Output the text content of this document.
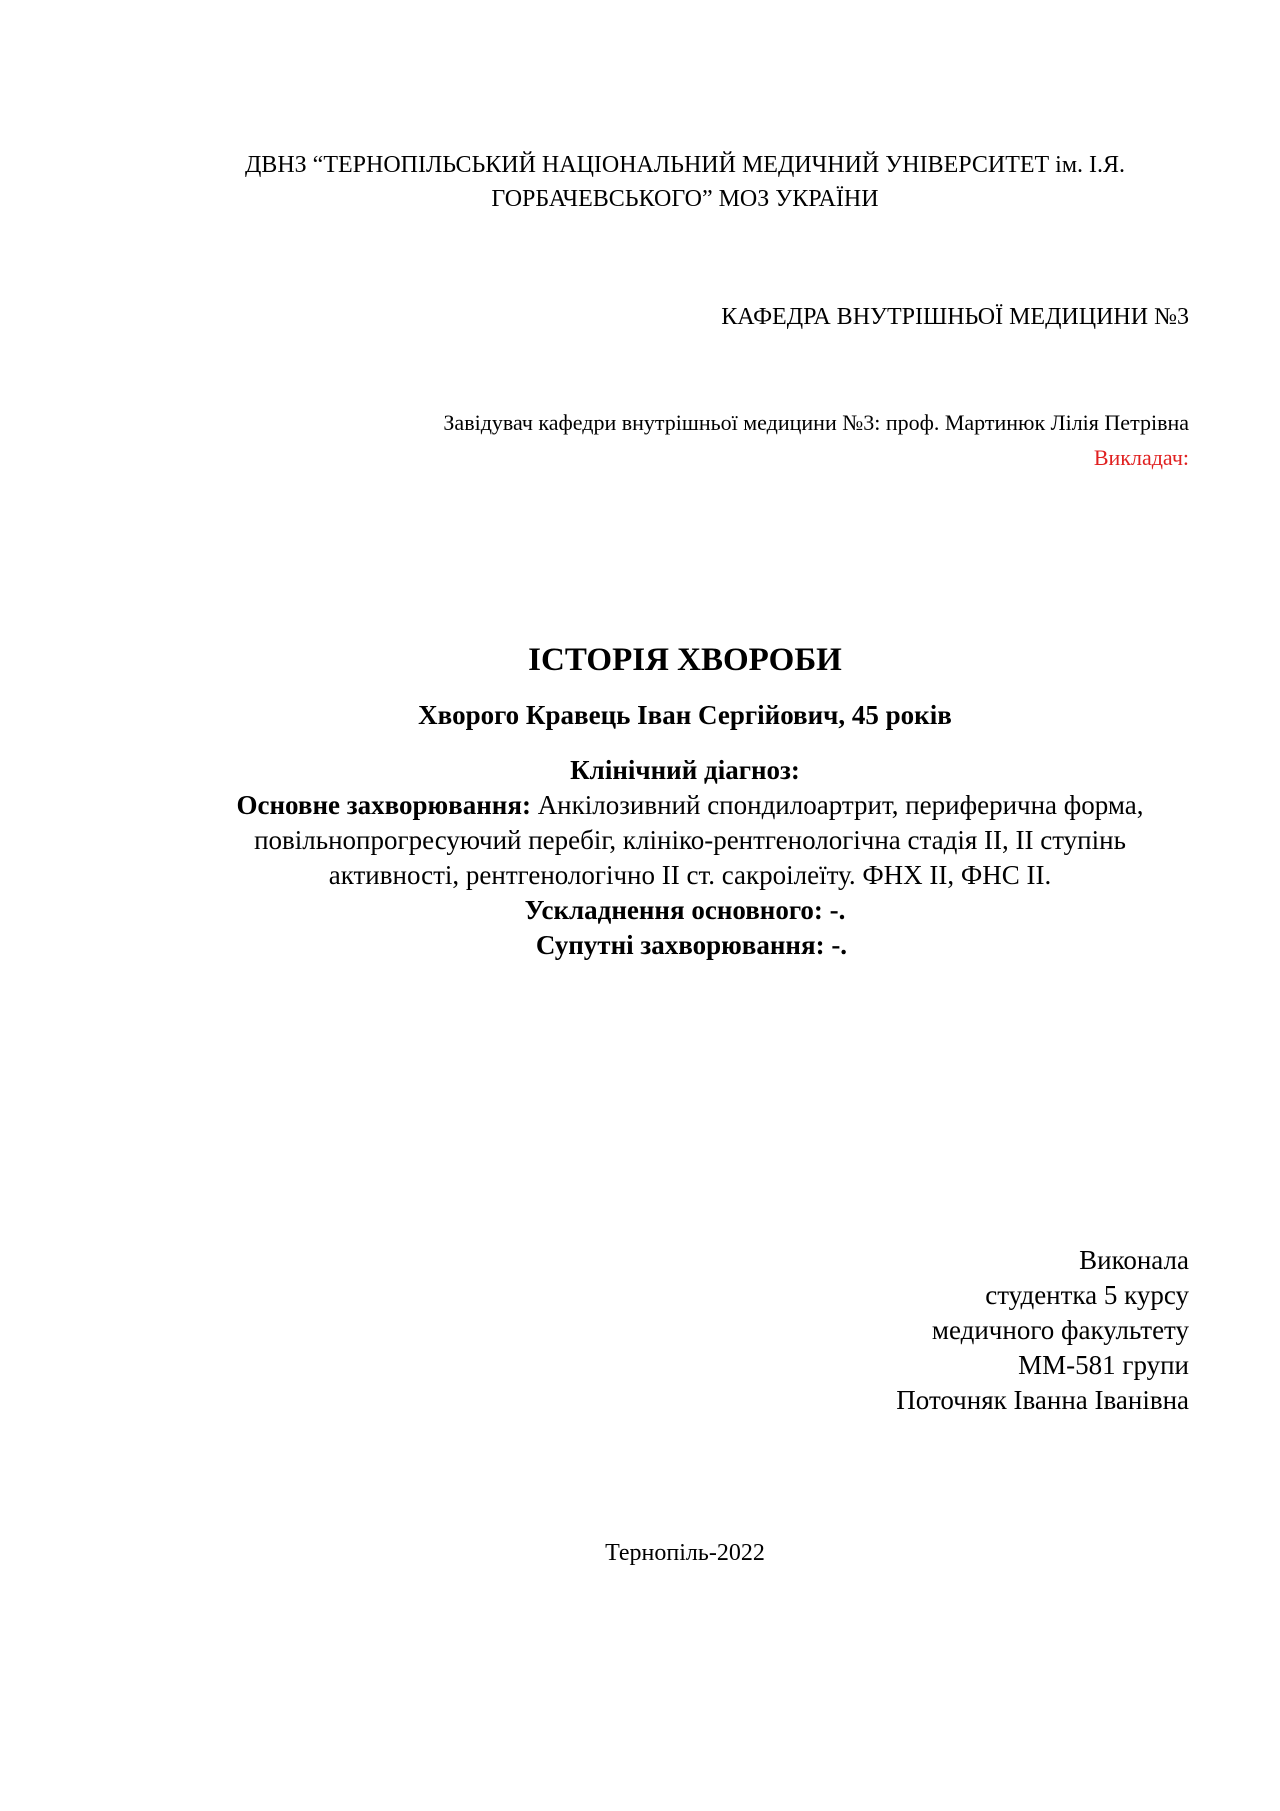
ДВНЗ “ТЕРНОПІЛЬСЬКИЙ НАЦІОНАЛЬНИЙ МЕДИЧНИЙ УНІВЕРСИТЕТ ім. І.Я.
ГОРБАЧЕВСЬКОГО” МОЗ УКРАЇНИ
КАФЕДРА ВНУТРІШНЬОЇ МЕДИЦИНИ №3
Завідувач кафедри внутрішньої медицини №3: проф. Мартинюк Лілія Петрівна
Викладач:
ІСТОРІЯ ХВОРОБИ
Хворого Кравець Іван Сергійович, 45 років
Клінічний діагноз:
Основне захворювання: Анкілозивний спондилоартрит, периферична форма, повільнопрогресуючий перебіг, клініко-рентгенологічна стадія ІІ, ІІ ступінь активності, рентгенологічно ІІ ст. сакроілеїту. ФНХ ІІ, ФНС ІІ.
Ускладнення основного: -.
Супутні захворювання: -.
Виконала
студентка 5 курсу
медичного факультету
ММ-581 групи
Поточняк Іванна Іванівна
Тернопіль-2022
